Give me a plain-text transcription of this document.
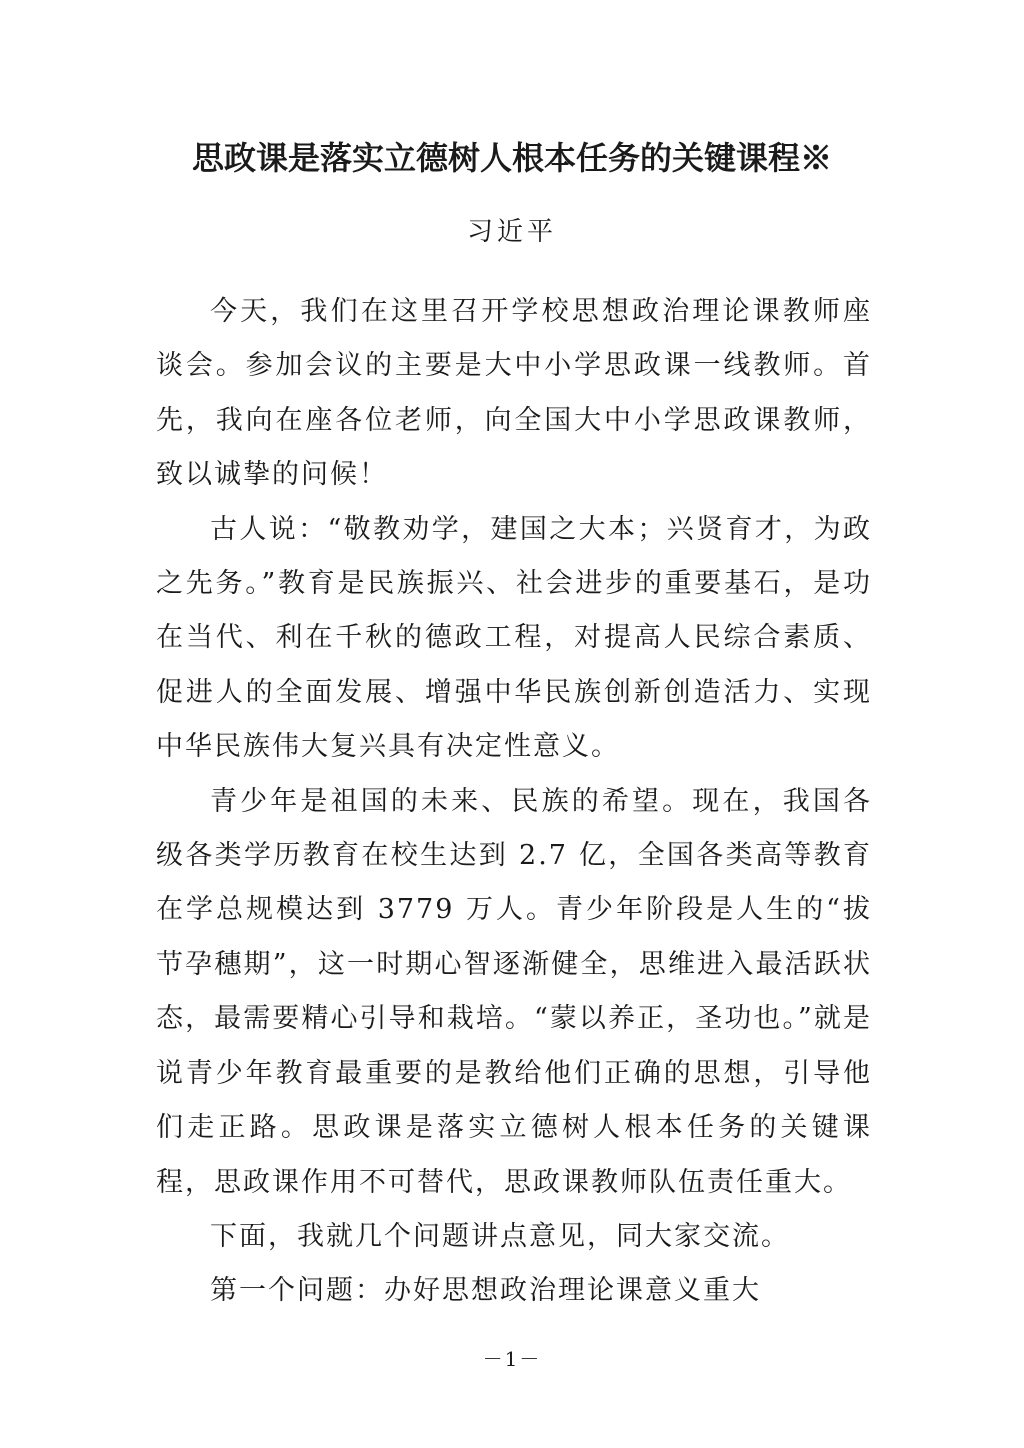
思政课是落实立德树人根本任务的关键课程※
习近平

今天，我们在这里召开学校思想政治理论课教师座谈会。参加会议的主要是大中小学思政课一线教师。首先，我向在座各位老师，向全国大中小学思政课教师，致以诚挚的问候！

古人说：“敬教劝学，建国之大本；兴贤育才，为政之先务。”教育是民族振兴、社会进步的重要基石，是功在当代、利在千秋的德政工程，对提高人民综合素质、促进人的全面发展、增强中华民族创新创造活力、实现中华民族伟大复兴具有决定性意义。

青少年是祖国的未来、民族的希望。现在，我国各级各类学历教育在校生达到 2.7 亿，全国各类高等教育在学总规模达到 3779 万人。青少年阶段是人生的“拔节孕穗期”，这一时期心智逐渐健全，思维进入最活跃状态，最需要精心引导和栽培。“蒙以养正，圣功也。”就是说青少年教育最重要的是教给他们正确的思想，引导他们走正路。思政课是落实立德树人根本任务的关键课程，思政课作用不可替代，思政课教师队伍责任重大。

下面，我就几个问题讲点意见，同大家交流。

第一个问题：办好思想政治理论课意义重大

－1－
